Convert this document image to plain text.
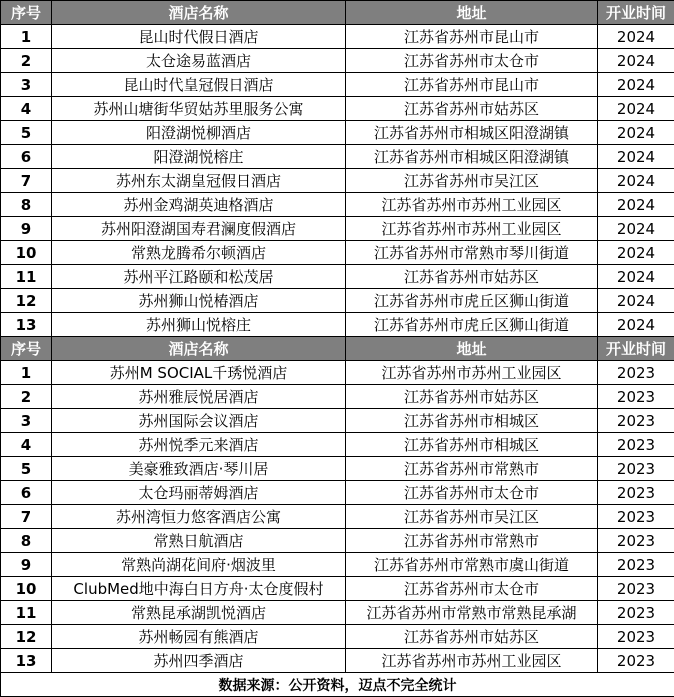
序号	酒店名称	地址	开业时间
1	昆山时代假日酒店	江苏省苏州市昆山市	2024
2	太仓途易蓝酒店	江苏省苏州市太仓市	2024
3	昆山时代皇冠假日酒店	江苏省苏州市昆山市	2024
4	苏州山塘街华贸姑苏里服务公寓	江苏省苏州市姑苏区	2024
5	阳澄湖悦柳酒店	江苏省苏州市相城区阳澄湖镇	2024
6	阳澄湖悦榕庄	江苏省苏州市相城区阳澄湖镇	2024
7	苏州东太湖皇冠假日酒店	江苏省苏州市吴江区	2024
8	苏州金鸡湖英迪格酒店	江苏省苏州市苏州工业园区	2024
9	苏州阳澄湖国寿君澜度假酒店	江苏省苏州市苏州工业园区	2024
10	常熟龙腾希尔顿酒店	江苏省苏州市常熟市琴川街道	2024
11	苏州平江路颐和松茂居	江苏省苏州市姑苏区	2024
12	苏州狮山悦椿酒店	江苏省苏州市虎丘区狮山街道	2024
13	苏州狮山悦榕庄	江苏省苏州市虎丘区狮山街道	2024
序号	酒店名称	地址	开业时间
1	苏州M SOCIAL千琇悦酒店	江苏省苏州市苏州工业园区	2023
2	苏州雅辰悦居酒店	江苏省苏州市姑苏区	2023
3	苏州国际会议酒店	江苏省苏州市相城区	2023
4	苏州悦季元来酒店	江苏省苏州市相城区	2023
5	美豪雅致酒店·琴川居	江苏省苏州市常熟市	2023
6	太仓玛丽蒂姆酒店	江苏省苏州市太仓市	2023
7	苏州湾恒力悠客酒店公寓	江苏省苏州市吴江区	2023
8	常熟日航酒店	江苏省苏州市常熟市	2023
9	常熟尚湖花间府·烟波里	江苏省苏州市常熟市虞山街道	2023
10	ClubMed地中海白日方舟·太仓度假村	江苏省苏州市太仓市	2023
11	常熟昆承湖凯悦酒店	江苏省苏州市常熟市常熟昆承湖	2023
12	苏州畅园有熊酒店	江苏省苏州市姑苏区	2023
13	苏州四季酒店	江苏省苏州市苏州工业园区	2023
数据来源：公开资料，迈点不完全统计			
